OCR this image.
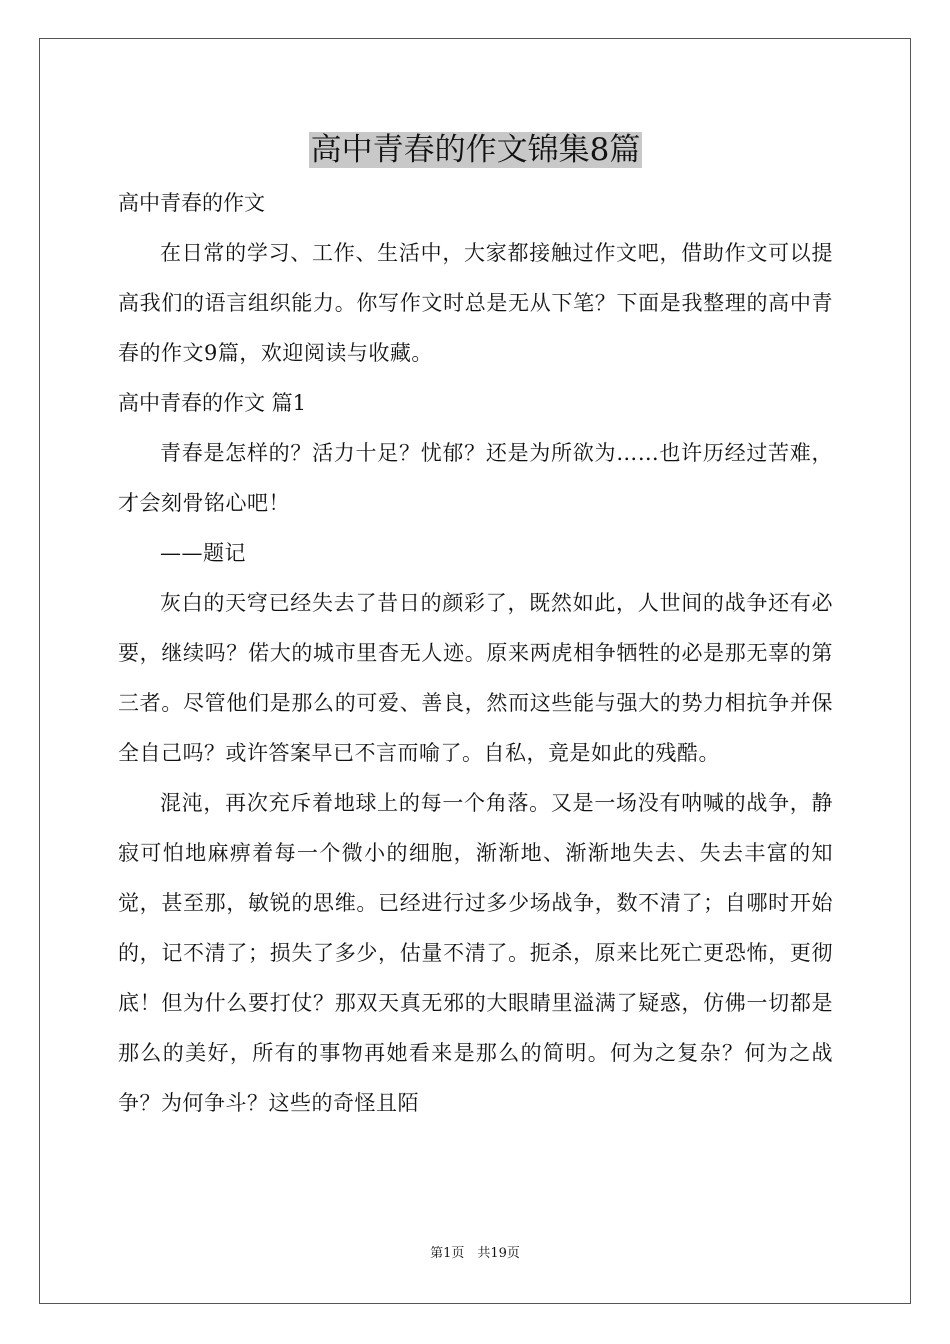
高中青春的作文锦集8篇

高中青春的作文

在日常的学习、工作、生活中，大家都接触过作文吧，借助作文可以提高我们的语言组织能力。你写作文时总是无从下笔？下面是我整理的高中青春的作文9篇，欢迎阅读与收藏。

高中青春的作文 篇1

青春是怎样的？活力十足？忧郁？还是为所欲为……也许历经过苦难，才会刻骨铭心吧！

——题记

灰白的天穹已经失去了昔日的颜彩了，既然如此，人世间的战争还有必要，继续吗？偌大的城市里杳无人迹。原来两虎相争牺牲的必是那无辜的第三者。尽管他们是那么的可爱、善良，然而这些能与强大的势力相抗争并保全自己吗？或许答案早已不言而喻了。自私，竟是如此的残酷。

混沌，再次充斥着地球上的每一个角落。又是一场没有呐喊的战争，静寂可怕地麻痹着每一个微小的细胞，渐渐地、渐渐地失去、失去丰富的知觉，甚至那，敏锐的思维。已经进行过多少场战争，数不清了；自哪时开始的，记不清了；损失了多少，估量不清了。扼杀，原来比死亡更恐怖，更彻底！但为什么要打仗？那双天真无邪的大眼睛里溢满了疑惑，仿佛一切都是那么的美好，所有的事物再她看来是那么的简明。何为之复杂？何为之战争？为何争斗？这些的奇怪且陌

第1页　共19页
